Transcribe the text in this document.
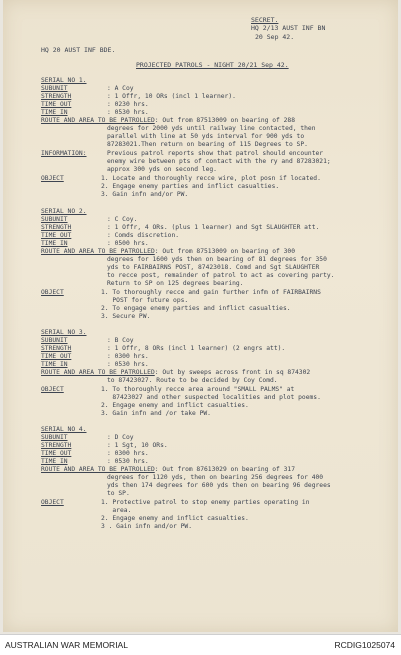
SECRET.
HQ 2/13 AUST INF BN
20 Sep 42.
HQ 20 AUST INF BDE.
PROJECTED PATROLS - NIGHT 20/21 Sep 42.
SERIAL NO 1.
SUBUNIT	: A Coy
STRENGTH	: 1 Offr, 10 ORs (incl 1 learner).
TIME OUT	: 0230 hrs.
TIME IN	: 0530 hrs.
ROUTE AND AREA TO BE PATROLLED: Out from 87513009 on bearing of 288
degrees for 2000 yds until railway line contacted, then
parallel with line at 50 yds interval for 900 yds to
87283021.Then return on bearing of 115 Degrees to SP.
INFORMATION:	Previous patrol reports show that patrol should encounter
enemy wire between pts of contact with the ry and 87283021;
approx 300 yds on second leg.
OBJECT	1. Locate and thoroughly recce wire, plot posn if located.
2. Engage enemy parties and inflict casualties.
3. Gain infn and/or PW.
SERIAL NO 2.
SUBUNIT	: C Coy.
STRENGTH	: 1 Offr, 4 ORs. (plus 1 learner) and Sgt SLAUGHTER att.
TIME OUT	: Comds discretion.
TIME IN	: 0500 hrs.
ROUTE AND AREA TO BE PATROLLED: Out from 87513009 on bearing of 300
degrees for 1600 yds then on bearing of 81 degrees for 350
yds to FAIRBAIRNS POST, 87423018. Comd and Sgt SLAUGHTER
to recce post, remainder of patrol to act as covering party.
Return to SP on 125 degrees bearing.
OBJECT	1. To thoroughly recce and gain further infm of FAIRBAIRNS
POST for future ops.
2. To engage enemy parties and inflict casualties.
3. Secure PW.
SERIAL NO 3.
SUBUNIT	: B Coy
STRENGTH	: 1 Offr, 8 ORs (incl 1 learner) (2 engrs att).
TIME OUT	: 0300 hrs.
TIME IN	: 0530 hrs.
ROUTE AND AREA TO BE PATROLLED: Out by sweeps across front in sq 874302
to 87423027. Route to be decided by Coy Comd.
OBJECT	1. To thoroughly recce area around "SMALL PALMS" at
87423027 and other suspected localities and plot poems.
2. Engage enemy and inflict casualties.
3. Gain infn and /or take PW.
SERIAL NO 4.
SUBUNIT	: D Coy
STRENGTH	: 1 Sgt, 10 ORs.
TIME OUT	: 0300 hrs.
TIME IN	: 0530 hrs.
ROUTE AND AREA TO BE PATROLLED: Out from 87613029 on bearing of 317
degrees for 1120 yds, then on bearing 256 degrees for 400
yds then 174 degrees for 600 yds then on bearing 96 degrees
to SP.
OBJECT	1. Protective patrol to stop enemy parties operating in
area.
2. Engage enemy and inflict casualties.
3 . Gain infn and/or PW.
AUSTRALIAN WAR MEMORIAL	RCDIG1025074
